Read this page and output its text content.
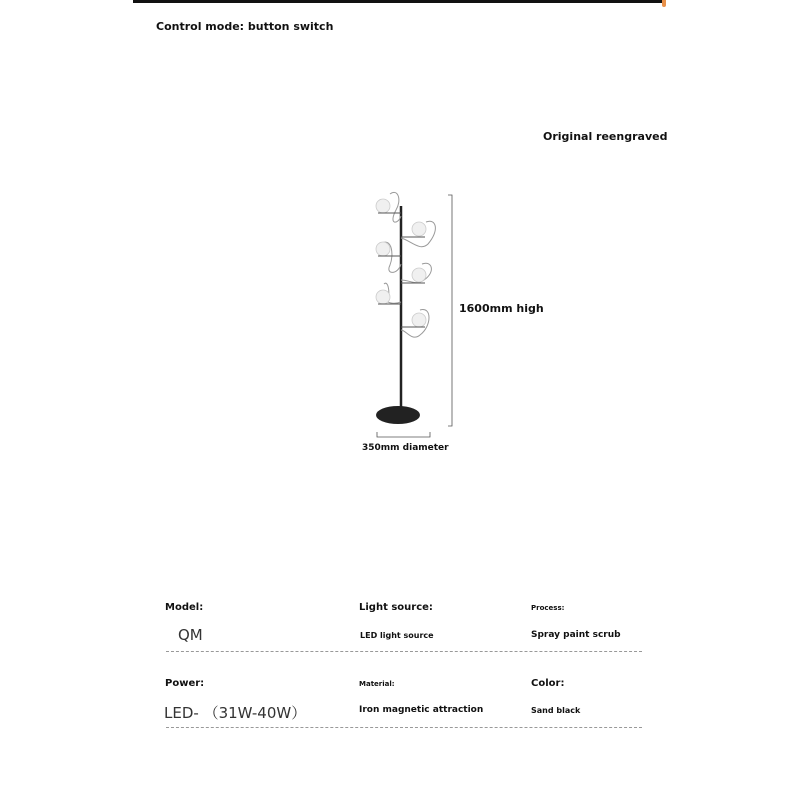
Control mode: button switch
Original reengraved
1600mm high
350mm diameter
Model:
QM
Light source:
LED light source
Process:
Spray paint scrub
Power:
LED- （31W-40W）
Material:
Iron magnetic attraction
Color:
Sand black
